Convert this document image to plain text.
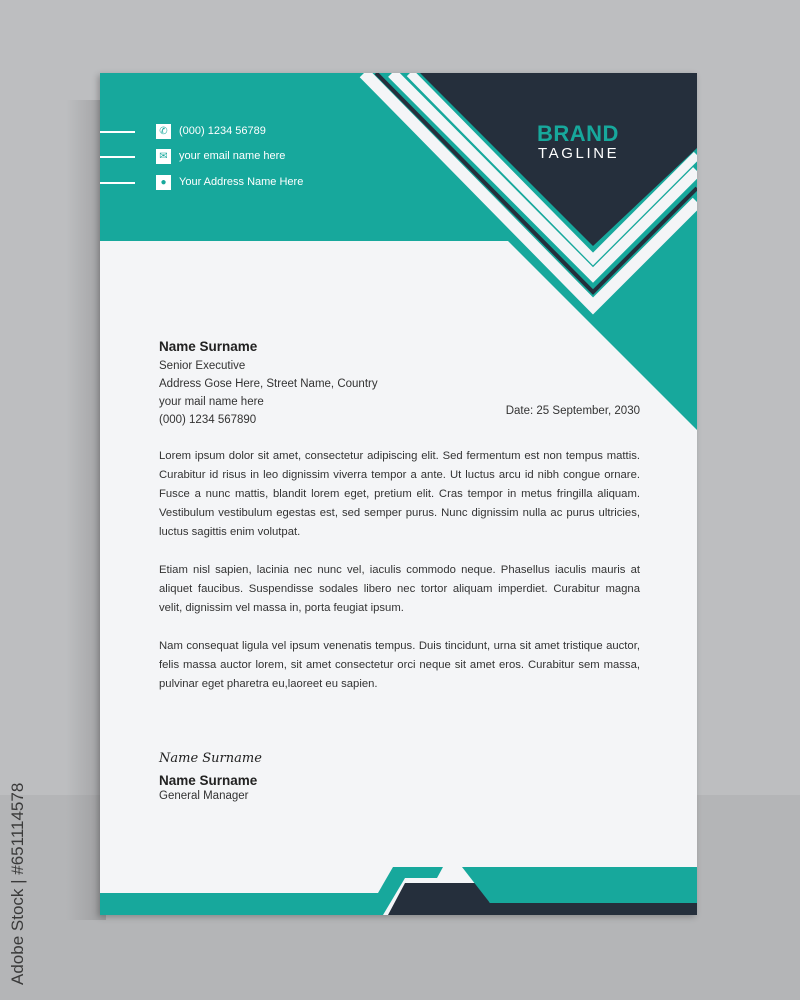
✆	(000) 1234 56789
✉	your email name here
●	Your Address Name Here
BRAND
TAGLINE
Name Surname
Senior Executive
Address Gose Here, Street Name, Country
your mail name here
(000) 1234 567890
Date: 25 September, 2030

Lorem ipsum dolor sit amet, consectetur adipiscing elit. Sed fermentum est non tempus mattis. Curabitur id risus in leo dignissim viverra tempor a ante. Ut luctus arcu id nibh congue ornare. Fusce a nunc mattis, blandit lorem eget, pretium elit. Cras tempor in metus fringilla aliquam. Vestibulum vestibulum egestas est, sed semper purus. Nunc dignissim nulla ac purus ultricies, luctus sagittis enim volutpat.

Etiam nisl sapien, lacinia nec nunc vel, iaculis commodo neque. Phasellus iaculis mauris at aliquet faucibus. Suspendisse sodales libero nec tortor aliquam imperdiet. Curabitur magna velit, dignissim vel massa in, porta feugiat ipsum.

Nam consequat ligula vel ipsum venenatis tempus. Duis tincidunt, urna sit amet tristique auctor, felis massa auctor lorem, sit amet consectetur orci neque sit amet eros. Curabitur sem massa, pulvinar eget pharetra eu,laoreet eu sapien.

Name Surname
Name Surname
General Manager
Adobe Stock | #651114578
